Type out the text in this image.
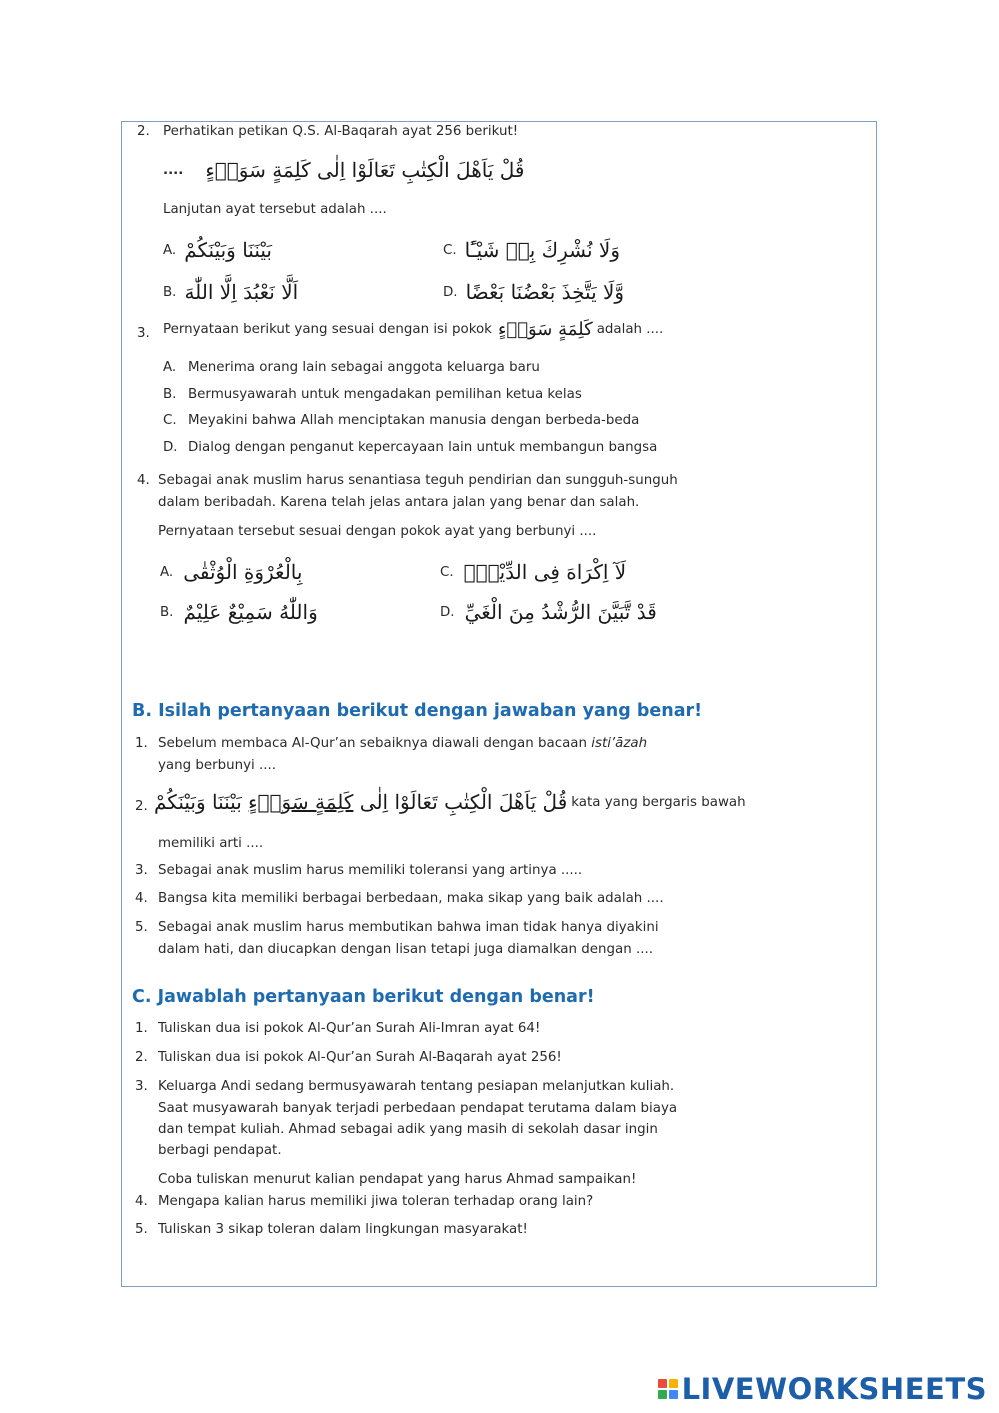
2. Perhatikan petikan Q.S. Al-Baqarah ayat 256 berikut!
.... قُلْ يَاَهْلَ الْكِتٰبِ تَعَالَوْا اِلٰى كَلِمَةٍ سَوَاۤءٍ
Lanjutan ayat tersebut adalah ....
A. بَيْنَنَا وَبَيْنَكُمْ
B. اَلَّا نَعْبُدَ اِلَّا اللّٰهَ
C. وَلَا نُشْرِكَ بِهٖ شَيْـًٔا
D. وَّلَا يَتَّخِذَ بَعْضُنَا بَعْضًا
3. Pernyataan berikut yang sesuai dengan isi pokok كَلِمَةٍ سَوَاۤءٍ adalah ....
A. Menerima orang lain sebagai anggota keluarga baru
B. Bermusyawarah untuk mengadakan pemilihan ketua kelas
C. Meyakini bahwa Allah menciptakan manusia dengan berbeda-beda
D. Dialog dengan penganut kepercayaan lain untuk membangun bangsa
4. Sebagai anak muslim harus senantiasa teguh pendirian dan sungguh-sunguh
dalam beribadah. Karena telah jelas antara jalan yang benar dan salah.
Pernyataan tersebut sesuai dengan pokok ayat yang berbunyi ....
A. بِالْعُرْوَةِ الْوُثْقٰى
B. وَاللّٰهُ سَمِيْعٌ عَلِيْمٌ
C. لَآ اِكْرَاهَ فِى الدِّيْنِۗ
D. قَدْ تَّبَيَّنَ الرُّشْدُ مِنَ الْغَيِّ
B. Isilah pertanyaan berikut dengan jawaban yang benar!
1. Sebelum membaca Al-Qur’an sebaiknya diawali dengan bacaan isti’āzah
yang berbunyi ....
2.	قُلْ يَاَهْلَ الْكِتٰبِ تَعَالَوْا اِلٰى كَلِمَةٍ سَوَاۤءٍ بَيْنَنَا وَبَيْنَكُمْ	kata yang bergaris bawah
memiliki arti ....
3. Sebagai anak muslim harus memiliki toleransi yang artinya .....
4. Bangsa kita memiliki berbagai berbedaan, maka sikap yang baik adalah ....
5. Sebagai anak muslim harus membutikan bahwa iman tidak hanya diyakini
dalam hati, dan diucapkan dengan lisan tetapi juga diamalkan dengan ....
C. Jawablah pertanyaan berikut dengan benar!
1. Tuliskan dua isi pokok Al-Qur’an Surah Ali-Imran ayat 64!
2. Tuliskan dua isi pokok Al-Qur’an Surah Al-Baqarah ayat 256!
3. Keluarga Andi sedang bermusyawarah tentang pesiapan melanjutkan kuliah.
Saat musyawarah banyak terjadi perbedaan pendapat terutama dalam biaya
dan tempat kuliah. Ahmad sebagai adik yang masih di sekolah dasar ingin
berbagi pendapat.
Coba tuliskan menurut kalian pendapat yang harus Ahmad sampaikan!
4. Mengapa kalian harus memiliki jiwa toleran terhadap orang lain?
5. Tuliskan 3 sikap toleran dalam lingkungan masyarakat!
LIVEWORKSHEETS
